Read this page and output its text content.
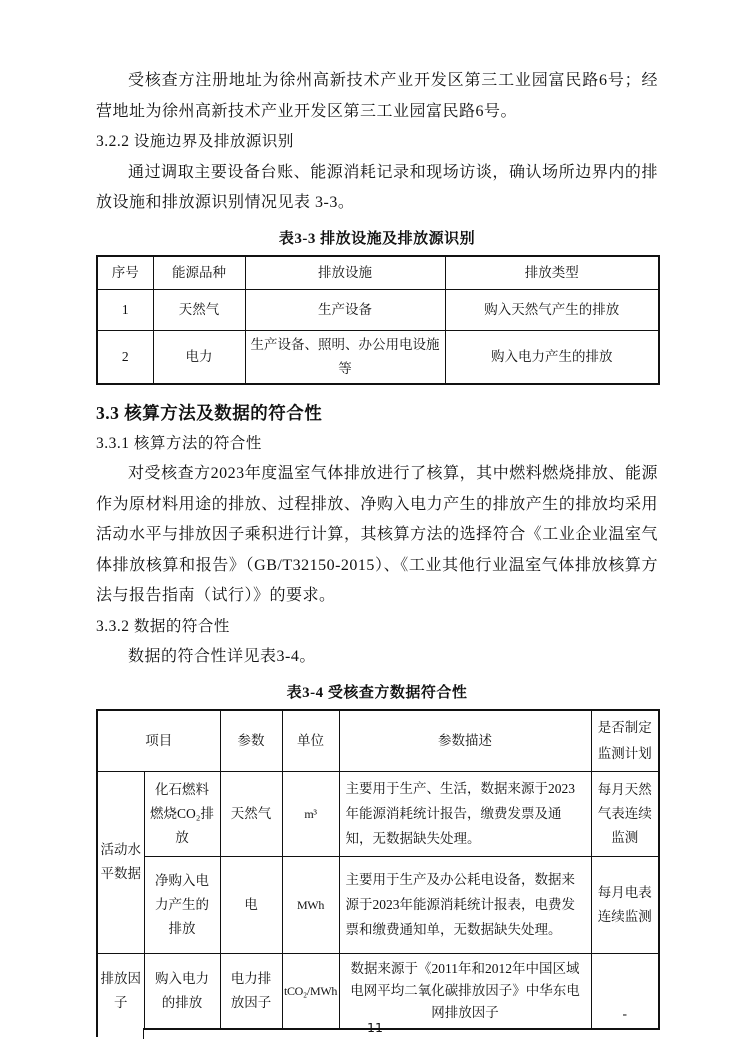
受核查方注册地址为徐州高新技术产业开发区第三工业园富民路6号；经营地址为徐州高新技术产业开发区第三工业园富民路6号。

3.2.2 设施边界及排放源识别

通过调取主要设备台账、能源消耗记录和现场访谈，确认场所边界内的排放设施和排放源识别情况见表 3-3。

表3-3 排放设施及排放源识别
序号	能源品种	排放设施	排放类型
1	天然气	生产设备	购入天然气产生的排放
2	电力	生产设备、照明、办公用电设施等	购入电力产生的排放
3.3 核算方法及数据的符合性
3.3.1 核算方法的符合性

对受核查方2023年度温室气体排放进行了核算，其中燃料燃烧排放、能源作为原材料用途的排放、过程排放、净购入电力产生的排放产生的排放均采用活动水平与排放因子乘积进行计算，其核算方法的选择符合《工业企业温室气体排放核算和报告》（GB/T32150-2015）、《工业其他行业温室气体排放核算方法与报告指南（试行）》的要求。

3.3.2 数据的符合性

数据的符合性详见表3-4。

表3-4 受核查方数据符合性
项目		参数	单位	参数描述	是否制定监测计划
活动水平数据	化石燃料燃烧CO₂排放	天然气	m³	主要用于生产、生活，数据来源于2023年能源消耗统计报告，缴费发票及通知，无数据缺失处理。	每月天然气表连续监测
	净购入电力产生的排放	电	MWh	主要用于生产及办公耗电设备，数据来源于2023年能源消耗统计报表，电费发票和缴费通知单，无数据缺失处理。	每月电表连续监测
排放因子	购入电力的排放	电力排放因子	tCO₂/MWh	数据来源于《2011年和2012年中国区域电网平均二氧化碳排放因子》中华东电网排放因子	-
11
